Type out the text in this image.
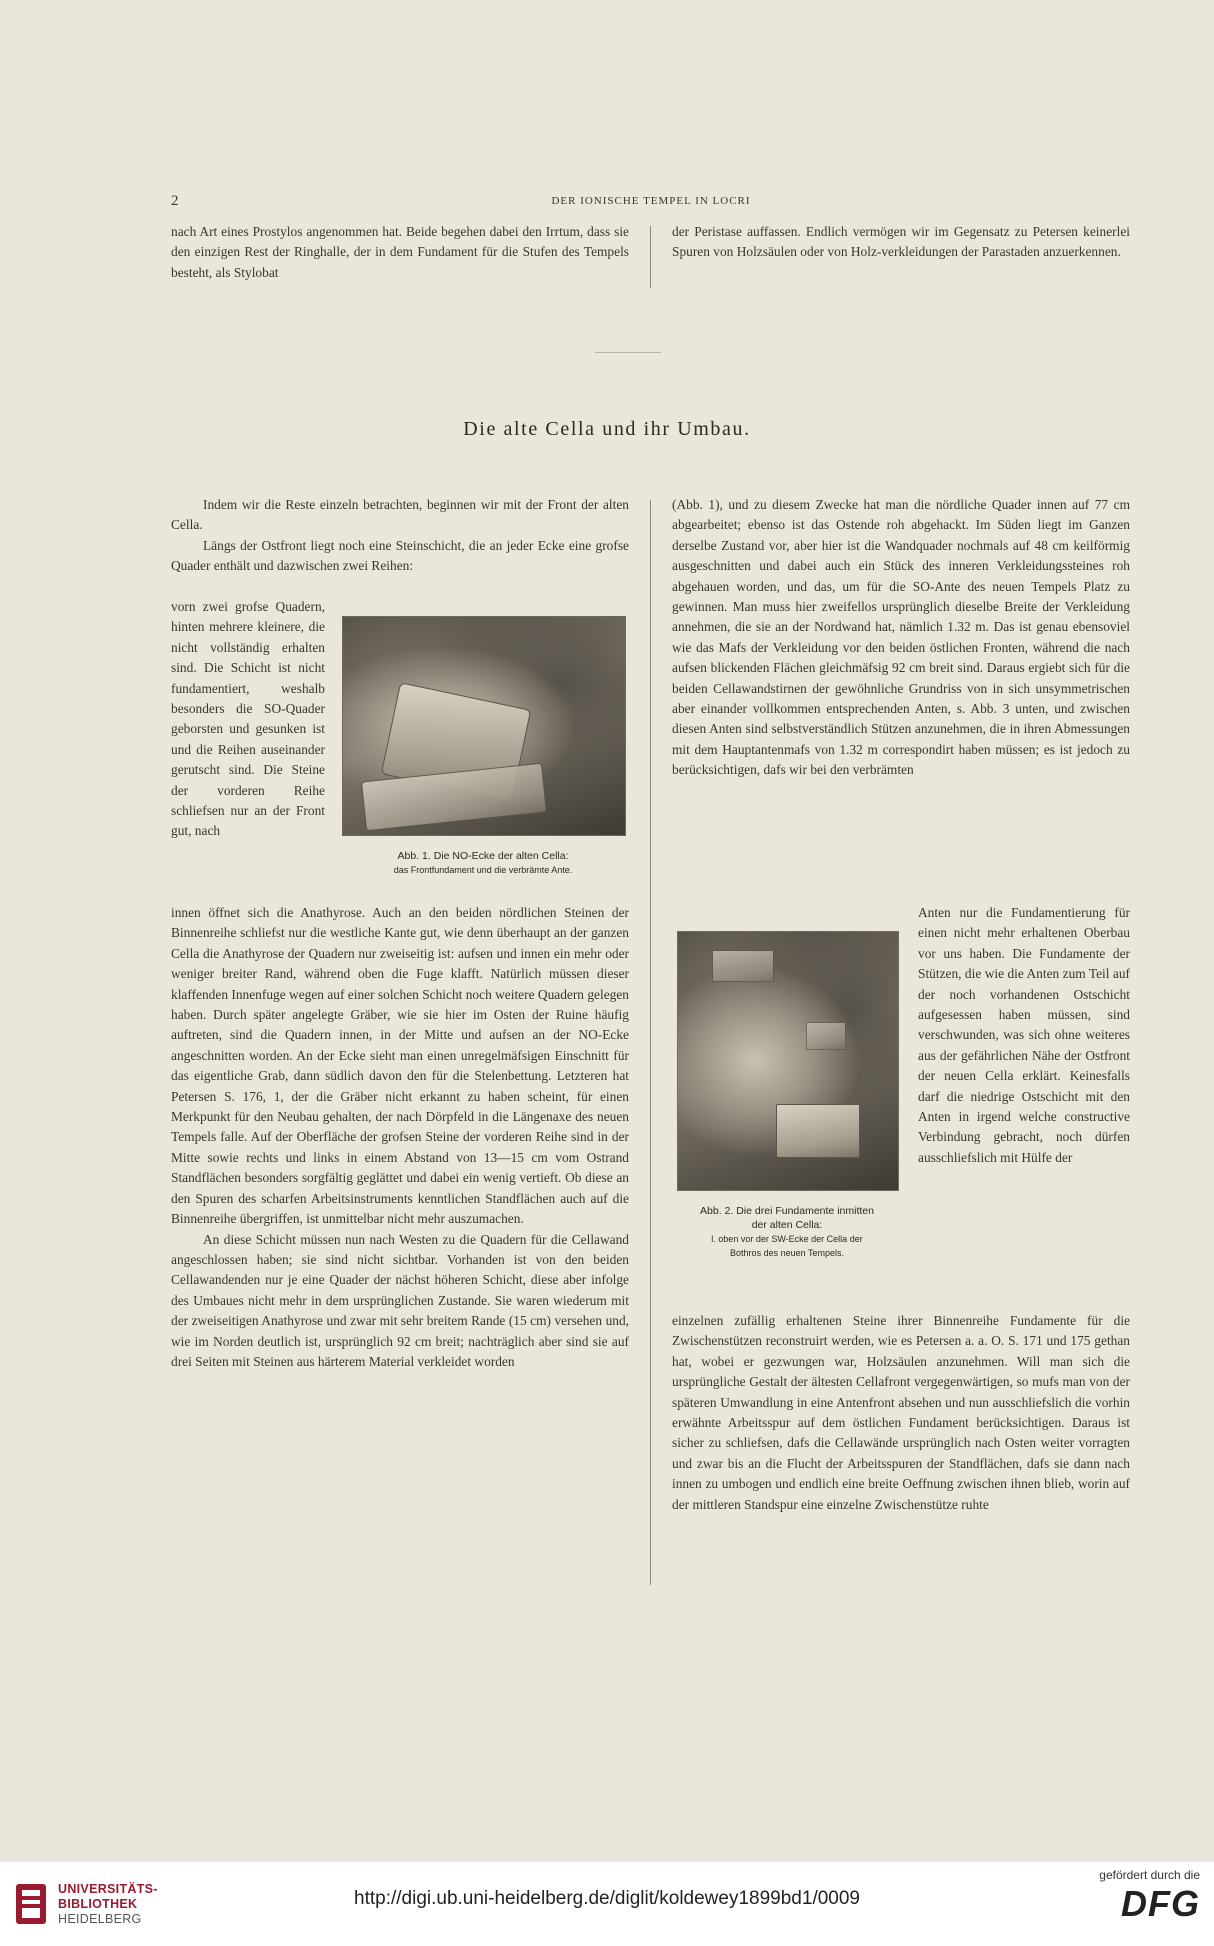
2	DER IONISCHE TEMPEL IN LOCRI

nach Art eines Prostylos angenommen hat. Beide begehen dabei den Irrtum, dass sie den einzigen Rest der Ringhalle, der in dem Fundament für die Stufen des Tempels besteht, als Stylobat

der Peristase auffassen. Endlich vermögen wir im Gegensatz zu Petersen keinerlei Spuren von Holzsäulen oder von Holz-verkleidungen der Parastaden anzuerkennen.

Die alte Cella und ihr Umbau.

Indem wir die Reste einzeln betrachten, beginnen wir mit der Front der alten Cella.

Längs der Ostfront liegt noch eine Steinschicht, die an jeder Ecke eine grofse Quader enthält und dazwischen zwei Reihen:

vorn zwei grofse Quadern, hinten mehrere kleinere, die nicht vollständig erhalten sind. Die Schicht ist nicht fundamentiert, weshalb besonders die SO-Quader geborsten und gesunken ist und die Reihen auseinander gerutscht sind. Die Steine der vorderen Reihe schliefsen nur an der Front gut, nach

innen öffnet sich die Anathyrose. Auch an den beiden nördlichen Steinen der Binnenreihe schliefst nur die westliche Kante gut, wie denn überhaupt an der ganzen Cella die Anathyrose der Quadern nur zweiseitig ist: aufsen und innen ein mehr oder weniger breiter Rand, während oben die Fuge klafft. Natürlich müssen dieser klaffenden Innenfuge wegen auf einer solchen Schicht noch weitere Quadern gelegen haben. Durch später angelegte Gräber, wie sie hier im Osten der Ruine häufig auftreten, sind die Quadern innen, in der Mitte und aufsen an der NO-Ecke angeschnitten worden. An der Ecke sieht man einen unregelmäfsigen Einschnitt für das eigentliche Grab, dann südlich davon den für die Stelenbettung. Letzteren hat Petersen S. 176, 1, der die Gräber nicht erkannt zu haben scheint, für einen Merkpunkt für den Neubau gehalten, der nach Dörpfeld in die Längenaxe des neuen Tempels falle. Auf der Oberfläche der grofsen Steine der vorderen Reihe sind in der Mitte sowie rechts und links in einem Abstand von 13—15 cm vom Ostrand Standflächen besonders sorgfältig geglättet und dabei ein wenig vertieft. Ob diese an den Spuren des scharfen Arbeitsinstruments kenntlichen Standflächen auch auf die Binnenreihe übergriffen, ist unmittelbar nicht mehr auszumachen.

An diese Schicht müssen nun nach Westen zu die Quadern für die Cellawand angeschlossen haben; sie sind nicht sichtbar. Vorhanden ist von den beiden Cellawandenden nur je eine Quader der nächst höheren Schicht, diese aber infolge des Umbaues nicht mehr in dem ursprünglichen Zustande. Sie waren wiederum mit der zweiseitigen Anathyrose und zwar mit sehr breitem Rande (15 cm) versehen und, wie im Norden deutlich ist, ursprünglich 92 cm breit; nachträglich aber sind sie auf drei Seiten mit Steinen aus härterem Material verkleidet worden

Abb. 1. Die NO-Ecke der alten Cella:
das Frontfundament und die verbrämte Ante.

(Abb. 1), und zu diesem Zwecke hat man die nördliche Quader innen auf 77 cm abgearbeitet; ebenso ist das Ostende roh abgehackt. Im Süden liegt im Ganzen derselbe Zustand vor, aber hier ist die Wandquader nochmals auf 48 cm keilförmig ausgeschnitten und dabei auch ein Stück des inneren Verkleidungssteines roh abgehauen worden, und das, um für die SO-Ante des neuen Tempels Platz zu gewinnen. Man muss hier zweifellos ursprünglich dieselbe Breite der Verkleidung annehmen, die sie an der Nordwand hat, nämlich 1.32 m. Das ist genau ebensoviel wie das Mafs der Verkleidung vor den beiden östlichen Fronten, während die nach aufsen blickenden Flächen gleichmäfsig 92 cm breit sind. Daraus ergiebt sich für die beiden Cellawandstirnen der gewöhnliche Grundriss von in sich unsymmetrischen aber einander vollkommen entsprechenden Anten, s. Abb. 3 unten, und zwischen diesen Anten sind selbstverständlich Stützen anzunehmen, die in ihren Abmessungen mit dem Hauptantenmafs von 1.32 m correspondirt haben müssen; es ist jedoch zu berücksichtigen, dafs wir bei den verbrämten

Anten nur die Fundamentierung für einen nicht mehr erhaltenen Oberbau vor uns haben. Die Fundamente der Stützen, die wie die Anten zum Teil auf der noch vorhandenen Ostschicht aufgesessen haben müssen, sind verschwunden, was sich ohne weiteres aus der gefährlichen Nähe der Ostfront der neuen Cella erklärt. Keinesfalls darf die niedrige Ostschicht mit den Anten in irgend welche constructive Verbindung gebracht, noch dürfen ausschliefslich mit Hülfe der

einzelnen zufällig erhaltenen Steine ihrer Binnenreihe Fundamente für die Zwischenstützen reconstruirt werden, wie es Petersen a. a. O. S. 171 und 175 gethan hat, wobei er gezwungen war, Holzsäulen anzunehmen. Will man sich die ursprüngliche Gestalt der ältesten Cellafront vergegenwärtigen, so mufs man von der späteren Umwandlung in eine Antenfront absehen und nun ausschliefslich die vorhin erwähnte Arbeitsspur auf dem östlichen Fundament berücksichtigen. Daraus ist sicher zu schliefsen, dafs die Cellawände ursprünglich nach Osten weiter vorragten und zwar bis an die Flucht der Arbeitsspuren der Standflächen, dafs sie dann nach innen zu umbogen und endlich eine breite Oeffnung zwischen ihnen blieb, worin auf der mittleren Standspur eine einzelne Zwischenstütze ruhte

Abb. 2. Die drei Fundamente inmitten
der alten Cella:
l. oben vor der SW-Ecke der Cella der
Bothros des neuen Tempels.
UNIVERSITÄTS-
BIBLIOTHEK
HEIDELBERG
http://digi.ub.uni-heidelberg.de/diglit/koldewey1899bd1/0009
gefördert durch die
DFG
